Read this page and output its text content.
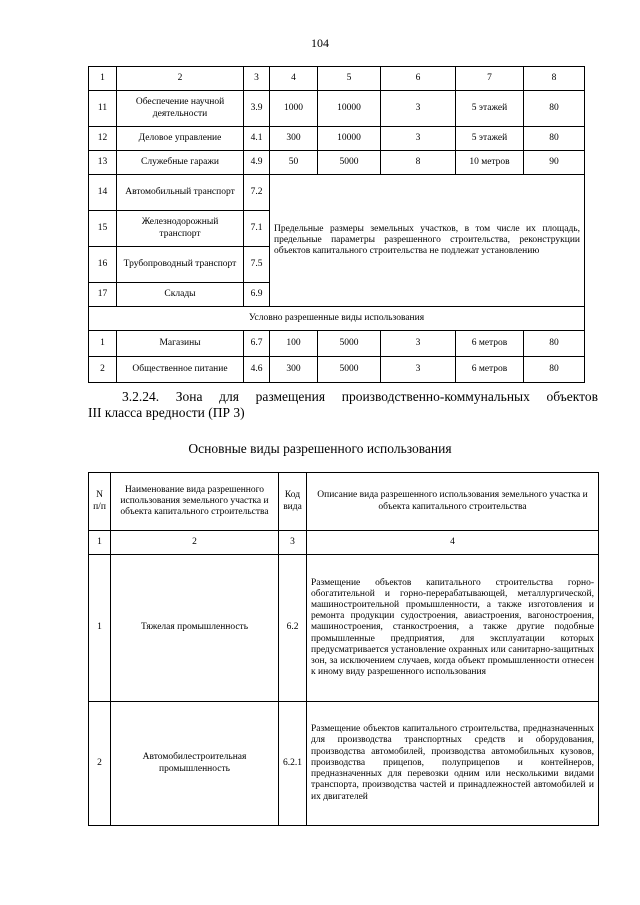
104
1	2	3	4	5	6	7	8
11	Обеспечение научной деятельности	3.9	1000	10000	3	5 этажей	80
12	Деловое управление	4.1	300	10000	3	5 этажей	80
13	Служебные гаражи	4.9	50	5000	8	10 метров	90
14	Автомобильный транспорт	7.2	Предельные размеры земельных участков, в том числе их площадь, предельные параметры разрешенного строительства, реконструкции объектов капитального строительства не подлежат установлению				
15	Железнодорожный транспорт	7.1					
16	Трубопроводный транспорт	7.5					
17	Склады	6.9					
Условно разрешенные виды использования							
1	Магазины	6.7	100	5000	3	6 метров	80
2	Общественное питание	4.6	300	5000	3	6 метров	80
3.2.24. Зона для размещения производственно-коммунальных объектов
III класса вредности (ПР 3)
Основные виды разрешенного использования
N п/п	Наименование вида разрешенного использования земельного участка и объекта капитального строительства	Код вида	Описание вида разрешенного использования земельного участка и объекта капитального строительства
1	2	3	4
1	Тяжелая промышленность	6.2	Размещение объектов капитального строительства горно-обогатительной и горно-перерабатывающей, металлургической, машиностроительной промышленности, а также изготовления и ремонта продукции судостроения, авиастроения, вагоностроения, машиностроения, станкостроения, а также другие подобные промышленные предприятия, для эксплуатации которых предусматривается установление охранных или санитарно-защитных зон, за исключением случаев, когда объект промышленности отнесен к иному виду разрешенного использования
2	Автомобилестроительная промышленность	6.2.1	Размещение объектов капитального строительства, предназначенных для производства транспортных средств и оборудования, производства автомобилей, производства автомобильных кузовов, производства прицепов, полуприцепов и контейнеров, предназначенных для перевозки одним или несколькими видами транспорта, производства частей и принадлежностей автомобилей и их двигателей
